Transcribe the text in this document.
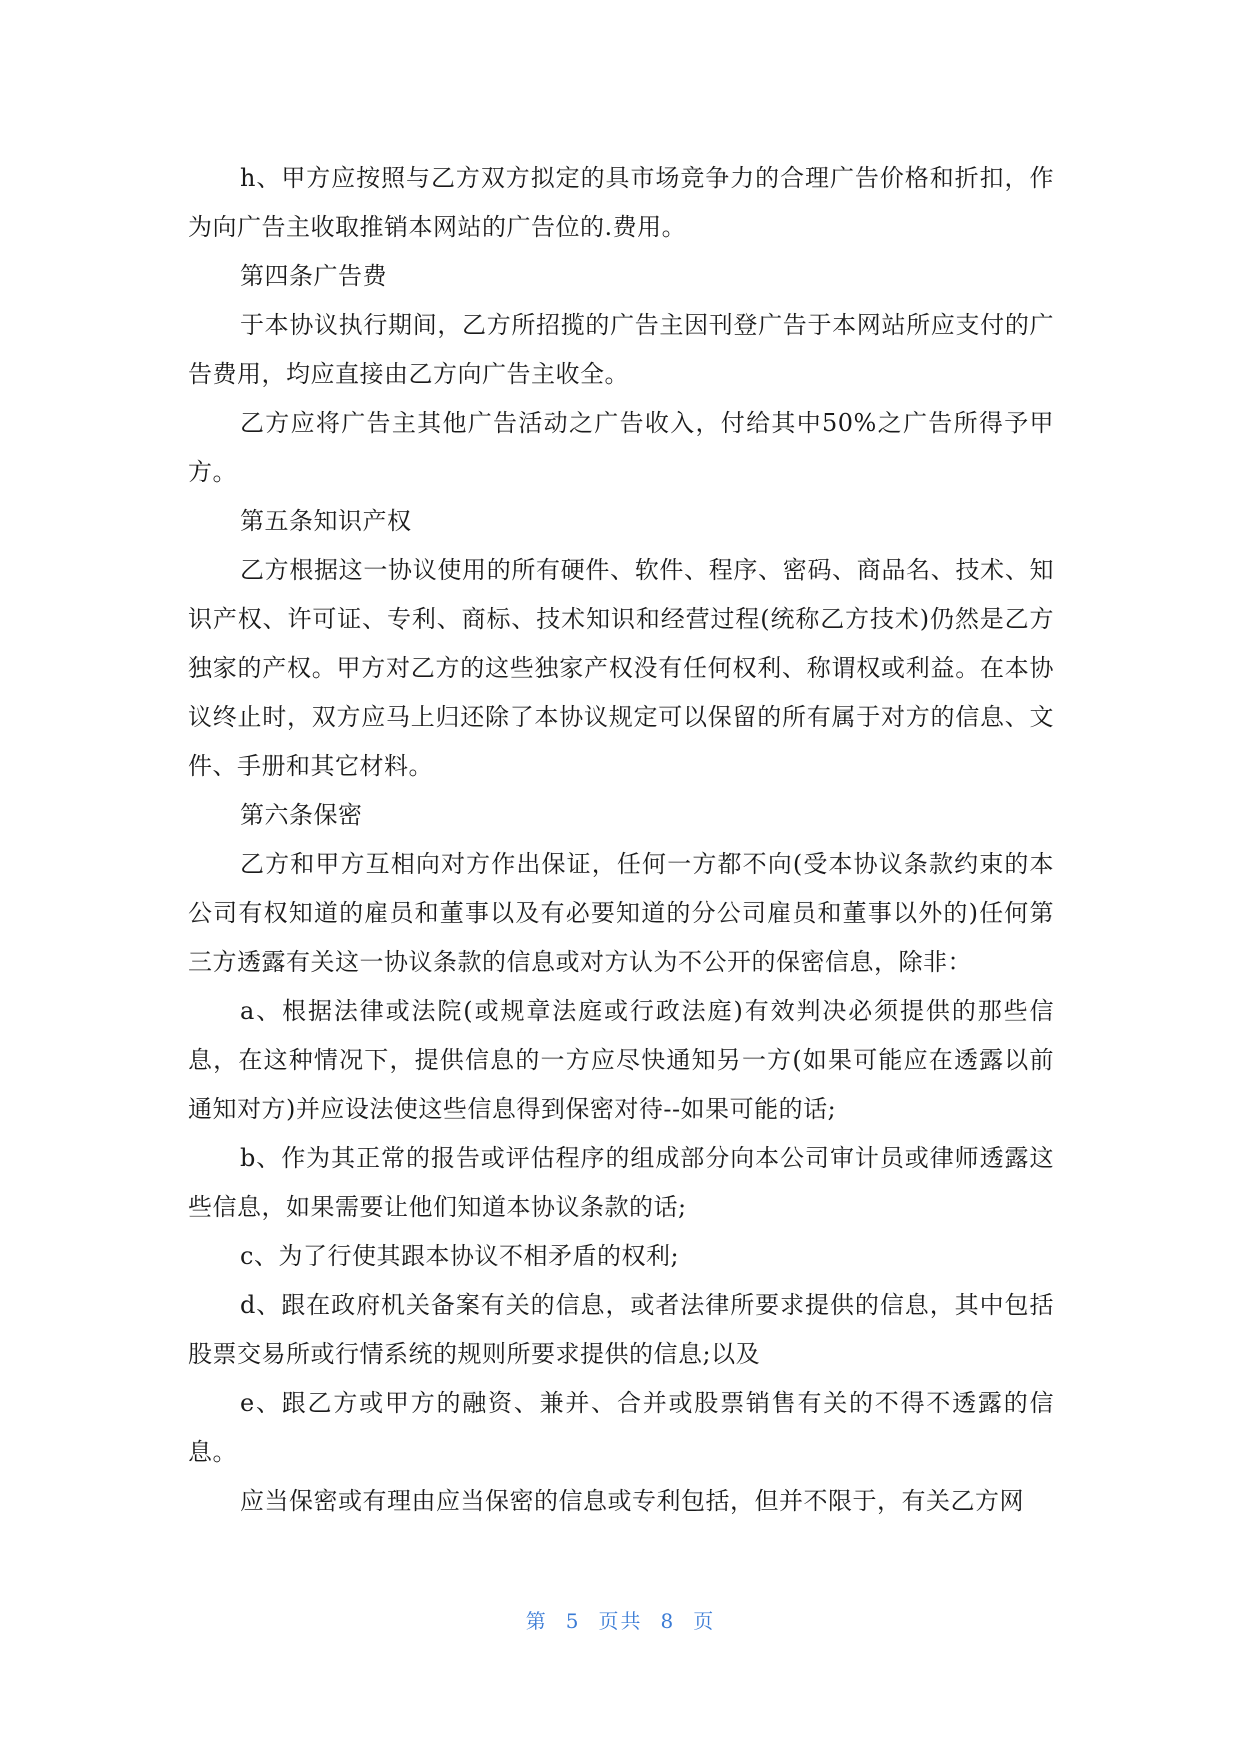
h、甲方应按照与乙方双方拟定的具市场竞争力的合理广告价格和折扣，作为向广告主收取推销本网站的广告位的.费用。

第四条广告费

于本协议执行期间，乙方所招揽的广告主因刊登广告于本网站所应支付的广告费用，均应直接由乙方向广告主收全。

乙方应将广告主其他广告活动之广告收入，付给其中50%之广告所得予甲方。

第五条知识产权

乙方根据这一协议使用的所有硬件、软件、程序、密码、商品名、技术、知识产权、许可证、专利、商标、技术知识和经营过程(统称乙方技术)仍然是乙方独家的产权。甲方对乙方的这些独家产权没有任何权利、称谓权或利益。在本协议终止时，双方应马上归还除了本协议规定可以保留的所有属于对方的信息、文件、手册和其它材料。

第六条保密

乙方和甲方互相向对方作出保证，任何一方都不向(受本协议条款约束的本公司有权知道的雇员和董事以及有必要知道的分公司雇员和董事以外的)任何第三方透露有关这一协议条款的信息或对方认为不公开的保密信息，除非：

a、根据法律或法院(或规章法庭或行政法庭)有效判决必须提供的那些信息，在这种情况下，提供信息的一方应尽快通知另一方(如果可能应在透露以前通知对方)并应设法使这些信息得到保密对待--如果可能的话;

b、作为其正常的报告或评估程序的组成部分向本公司审计员或律师透露这些信息，如果需要让他们知道本协议条款的话;

c、为了行使其跟本协议不相矛盾的权利;

d、跟在政府机关备案有关的信息，或者法律所要求提供的信息，其中包括股票交易所或行情系统的规则所要求提供的信息;以及

e、跟乙方或甲方的融资、兼并、合并或股票销售有关的不得不透露的信息。

应当保密或有理由应当保密的信息或专利包括，但并不限于，有关乙方网

第 5 页共 8 页
